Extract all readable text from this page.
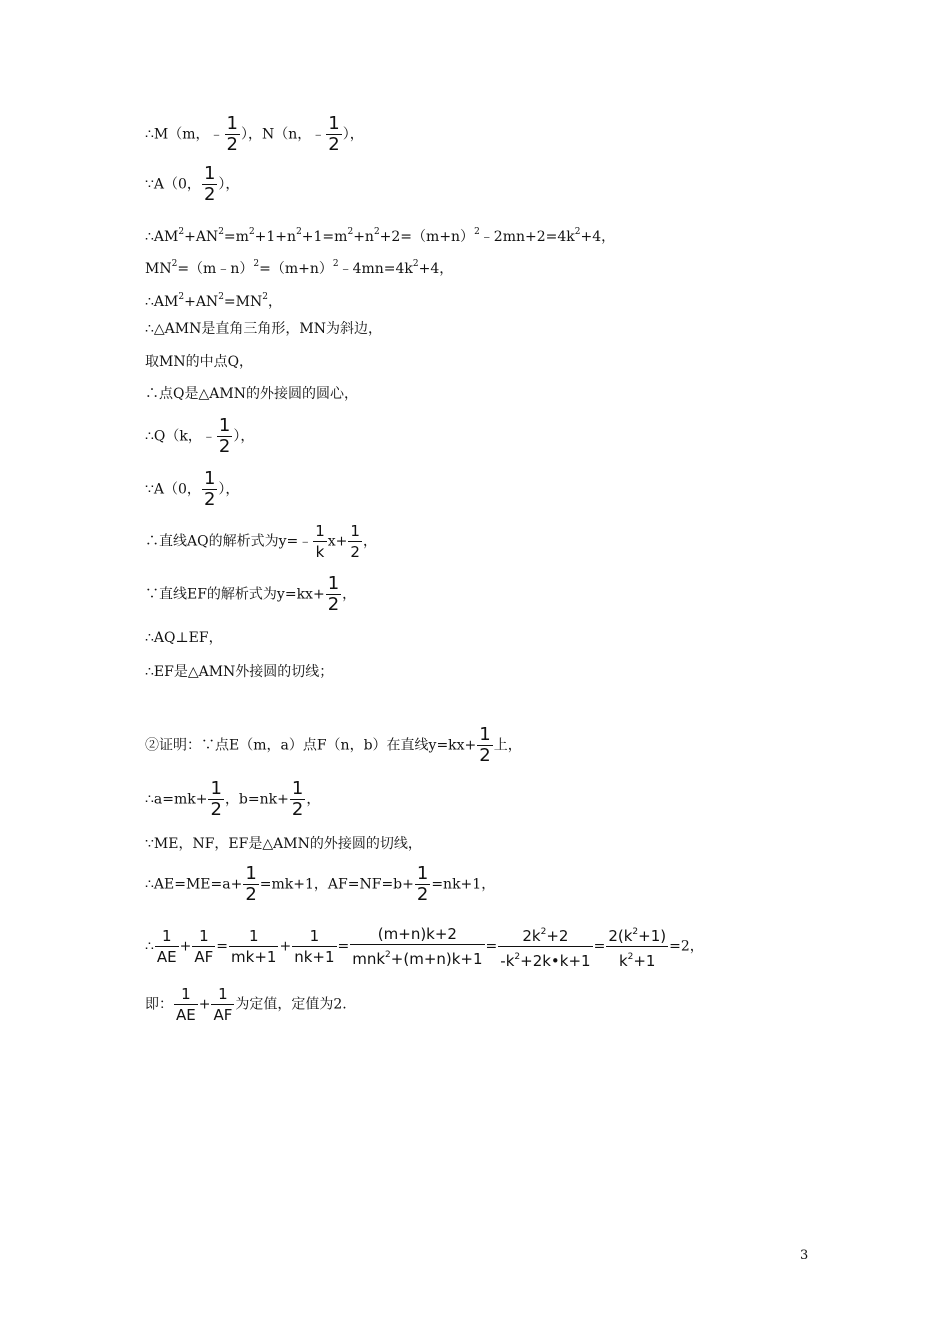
∴M（m，﹣ $\frac{1}{2}$ ），N（n，﹣ $\frac{1}{2}$ ），
∵A（0， $\frac{1}{2}$ ），
$\therefore AM^2+AN^2=m^2+1+n^2+1=m^2+n^2+2=(m+n)^2﹣2mn+2=4k^2+4$，
$MN^2=(m﹣n)^2=(m+n)^2﹣4mn=4k^2+4$，
$\therefore AM^2+AN^2=MN^2$，
∴△AMN是直角三角形，MN为斜边，
取MN的中点Q，
∴点Q是△AMN的外接圆的圆心，
∴Q（k，﹣ $\frac{1}{2}$ ），
∵A（0， $\frac{1}{2}$ ），
∴直线AQ的解析式为y=﹣ $\frac{1}{k} x+ \frac{1}{2}$ ，
∵直线EF的解析式为$y=kx+ \frac{1}{2}$ ，
∴AQ⊥EF，
∴EF是△AMN外接圆的切线；
②证明：∵点E（m，a）点F（n，b）在直线$y=kx+ \frac{1}{2}$ 上，
∴a=mk+ $\frac{1}{2}$ ，$b=nk+ \frac{1}{2}$ ，
∵ME，NF，EF是△AMN的外接圆的切线，
∴AE=ME=a+ $\frac{1}{2} =mk+1$，$AF=NF=b+ \frac{1}{2} =nk+1$，
∴ $\frac{1}{AE} + \frac{1}{AF} = \frac{1}{mk+1} + \frac{1}{nk+1} = \frac{(m+n)k+2}{mnk^2+(m+n)k+1} = \frac{2k^2+2}{-k^2+2k•k+1} = \frac{2(k^2+1)}{k^2+1} =2$，
即： $\frac{1}{AE} + \frac{1}{AF}$ 为定值，定值为2.
3
